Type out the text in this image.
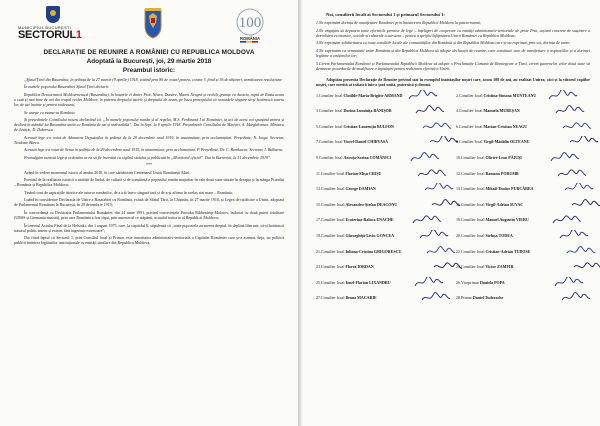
MUNICIPIUL BUCUREȘTI
SECTORUL1
100
ROMÂNIA
DECLARAȚIE DE REUNIRE A ROMÂNIEI CU REPUBLICA MOLDOVA
Adoptată la București, joi, 29 martie 2018
Preambul istoric:
„Sfatul Țării din Basarabia, în ședința de la 27 martie (9 aprilie) 1918, votând prin 86 de voturi pentru, contra 3, fiind și 36 de abțineri, următoarea rezoluțiune:
În numele poporului Basarabiei Sfatul Țării declară:
Republica Democratică Moldovenească (Basarabia), în hotarele ei dintre Prut, Nistru, Dunăre, Marea Neagră și vechile granițe cu Austria, ruptă de Rusia acum o sută și mai bine de ani din trupul vechei Moldove, în puterea dreptului istoric și dreptului de neam, pe baza principiului că noroadele singure să-și hotărască soarta lor, de azi înainte și pentru totdeauna,
Se unește cu mama sa România.
Și președintele Consiliului nostru declarând că: „În numele poporului român și al regelui, M.S. Ferdinand I al României, ia act de acest vot spunând unirea și declară în mândul lui Basarabia unită cu România de azi și indivizibilă”. Dat în Sept. la 9 aprilie 1918. Președintele Consiliului de Miniștri, A. Marghiloman. Ministru de Justiție, D. Dobrescu.
Această lege s-a votat de Adunarea Deputaților în ședința de la 29 decembrie anul 1919, în unanimitate, prin acclamațiuni. Președinte, N. Iorga. Secretar, Teodosie Bârca.
Această lege s-a votat de Senat în ședința de la 29 decembrie anul 1919, în unanimitate, prin acclamațiuni. P. Președinte, Dr. C. Bumbacea. Secretar, I. Balbarea.
Promulgăm această lege și ordonăm ca ea să fie învestită cu sigiliul statului și publicată în „Monitorul oficial”. Dat în București, la 31 decembrie 1919”.
***
Având în vedere momentul istoric al anului 2018, în care sărbătorim Centenarul Unirii Românești Mari;
Pornind de la realitatea istorică a unității de limbă, de cultură și de conștiință a poporului român majoritar în cele două state situate în dreapta și în stânga Prutului – România și Republica Moldova;
Ținând cont de aspirațiile istorice ale tuturor românilor, de a trăi într-o singură țară și de a-și afirma în acelaș stat mare – România;
Luând în considerare Declarația de Unire a Basarabiei cu România, votată de Sfatul Țării, la Chișinău, în 27 martie 1918, și Legea de ratificare a Unirii, adoptată de Parlamentul României la București, în 29 decembrie 1919;
În concordanță cu Declarația Parlamentului României, din 24 iunie 1991, privind consecințele Pactului Ribbentrop-Molotov, încheiat cu două puteri totalitare (URSS și Germania nazistă), prin care România a fost răpit, prin amestecul ce stăpânit, actualul teritoriu al Republicii Moldova;
În temeiul Actului Final de la Helsinki, din 1 august 1975, care, la capitolul 8, stipulează că „toate popoarele au mereu dreptul, în deplină libertate, să-și hotărască statutul politic intern și extern, fără ingerințe exterioare”;
Dat fiind faptul că Sectorul 1, prin Consiliul local și Primar, este autoritatea administrativ-teritorială a Capitalei României care și-a asumat, deja, un politică publică întărirea legăturilor instituționale cu entități similare din Republica Moldova;
Noi, consilierii locali ai Sectorului 1 și primarul Sectorului 1:
1.Ne exprimăm dorința de manifestare României prin întoarcerea Republicii Moldova la patria-mamă;
2.Ne angajăm să depunem toate eforturile permise de lege – înțelegeri de cooperare cu entități administrativ-teritoriale de peste Prut, acțiuni concrete de susținere a dezvoltării economice, sociale și culturale a acestora – pentru a sprijini înfăptuirea Unirii României cu Republica Moldova;
3.Ne exprimăm solidaritatea cu toate consiliile locale ale comunităților din România și din Republica Moldova care și-au exprimat, prin vot, dorința de unire;
4.Ne exprimăm ca semnatarii unire România și din Republica Moldova să adopte declarații de reunire, care constituie acte de manifestare a aspirațiilor și a dorinței legitime a cetățenilor lor;
5.Cerem Parlamentului României și Parlamentului Republicii Moldova să adopte o Proclamație Comună de Reintegrare a Țării, cerem guvernelor celor două state să demareze procedurile de modificare a legislației pentru realizarea efectivă a Unirii.
Adoptăm prezenta Declarație de Reunire privind stat în exemplul înaintașilor noștri care, acum 100 de ani, au realizat Unirea, căci și la viitorul copiilor noștri, care merită să trăiască într-o țară unită, puternică și demnă.
1.Consilier local Clotilde-Maria-Brigitte ARMAND
3.Consilier local Dorina Luminița BĂNIȘOR
5.Consilier local Cristian-Laurențiu BULFON
7.Consilier local Viorel-Daniel CHIRVASĂ
9.Consilier local Ancuța-Sorina COMĂNICI
11.Consilier local Florian-Mișu CRIȘU
13.Consilier local George DAMIAN
15.Consilier local Alexandru-Ștefan DEACONU
17.Consilier local Ecaterina-Raluca ENACHE
19.Consilier local Gheorghiță-Liviu GONCEA
21.Consilier local Iuliana-Cristina GRIGORESCU
23.Consilier local Florea IORDAN
25.Consilier local Ionel-Florian LIXANDRU
27.Consilier local Ileana MACARIE
2.Consilier local Cristina-Simona MUNTEANU
4.Consilier local Manuela MUREȘAN
6.Consilier local Marian-Cristian NEAGU
8.Consilier local Virgil-Mădălin OLTEANU
10.Consilier local Olivier-Leon PĂIUȘI
12.Consilier local Ramona PORUMB
14.Consilier local Mihail-Teodor PURCĂREA
16.Consilier local Virgil-Adrian SUVAC
18.Consilier local Manuel Augustin VIERU
20.Consilier local Stelușa TODEA
22.Consilier local Cristian-Adrian TUDOSE
24.Consilier local Victor ZAMFIR
26.Viceprimar Daniela POPA
28.Primar Daniel Tudorache
